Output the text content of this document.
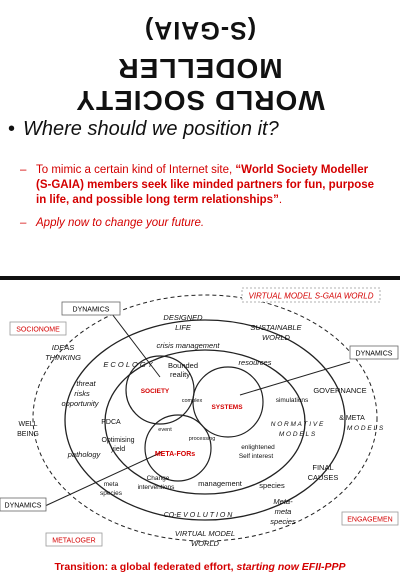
(S-GAIA)
WORLD SOCIETY MODELLER
• Where should we position it?
– To mimic a certain kind of Internet site, “World Society Modeller (S-GAIA) members seek like minded partners for fun, purpose in life, and possible long term relationships”.
– Apply now to change your future.
DYNAMICS
VIRTUAL MODEL S-GAIA WORLD
SOCIONOME
DYNAMICS
DYNAMICS
ENGAGEMEN
METALOGER
DESIGNED
LIFE	SUSTAINABLE
WORLD
IDEAS
THINKING
crisis management
E C O L O G Y Bounded
reality
resources
GOVERNANCE
threat
risks
opportunity
SOCIETY
complex
SYSTEMS
simulations
WELL
BEING
PDCA	N O R M A T I V E
M O D E L S
& META
M O D E L S
Optimising
yield
event
processing
pathology	META-FORs
enlightened
Self interest
FINAL
CAUSES
Change
interventions
meta
species
management species
Meta-
meta
species
CO-E V O L U T I O N
VIRTUAL MODEL
WORLD
Transition: a global federated effort, starting now EFII-PPP
